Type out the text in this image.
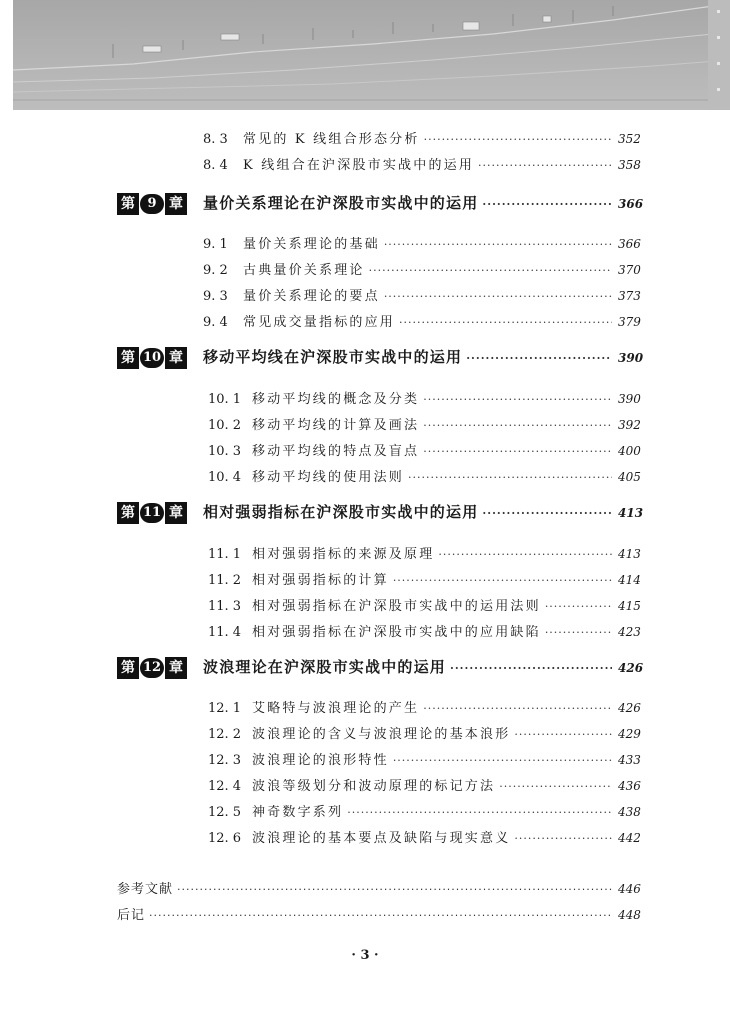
8. 3	常见的 K 线组合形态分析 ·····	352
8. 4	K 线组合在沪深股市实战中的运用 ·····	358
第 9 章 量价关系理论在沪深股市实战中的运用 ·····	366
9. 1	量价关系理论的基础 ·····	366
9. 2	古典量价关系理论 ·····	370
9. 3	量价关系理论的要点 ·····	373
9. 4	常见成交量指标的应用 ·····	379
第 10 章 移动平均线在沪深股市实战中的运用 ·····	390
10. 1 移动平均线的概念及分类 ·····	390
10. 2 移动平均线的计算及画法 ·····	392
10. 3 移动平均线的特点及盲点 ·····	400
10. 4 移动平均线的使用法则 ·····	405
第 11 章 相对强弱指标在沪深股市实战中的运用 ·····	413
11. 1 相对强弱指标的来源及原理 ·····	413
11. 2 相对强弱指标的计算 ·····	414
11. 3 相对强弱指标在沪深股市实战中的运用法则 ·····	415
11. 4 相对强弱指标在沪深股市实战中的应用缺陷 ·····	423
第 12 章 波浪理论在沪深股市实战中的运用 ·····	426
12. 1 艾略特与波浪理论的产生 ·····	426
12. 2 波浪理论的含义与波浪理论的基本浪形 ·····	429
12. 3 波浪理论的浪形特性 ·····	433
12. 4 波浪等级划分和波动原理的标记方法 ·····	436
12. 5 神奇数字系列 ·····	438
12. 6 波浪理论的基本要点及缺陷与现实意义 ·····	442
参考文献 ·····	446
后记 ·····	448
· 3 ·
